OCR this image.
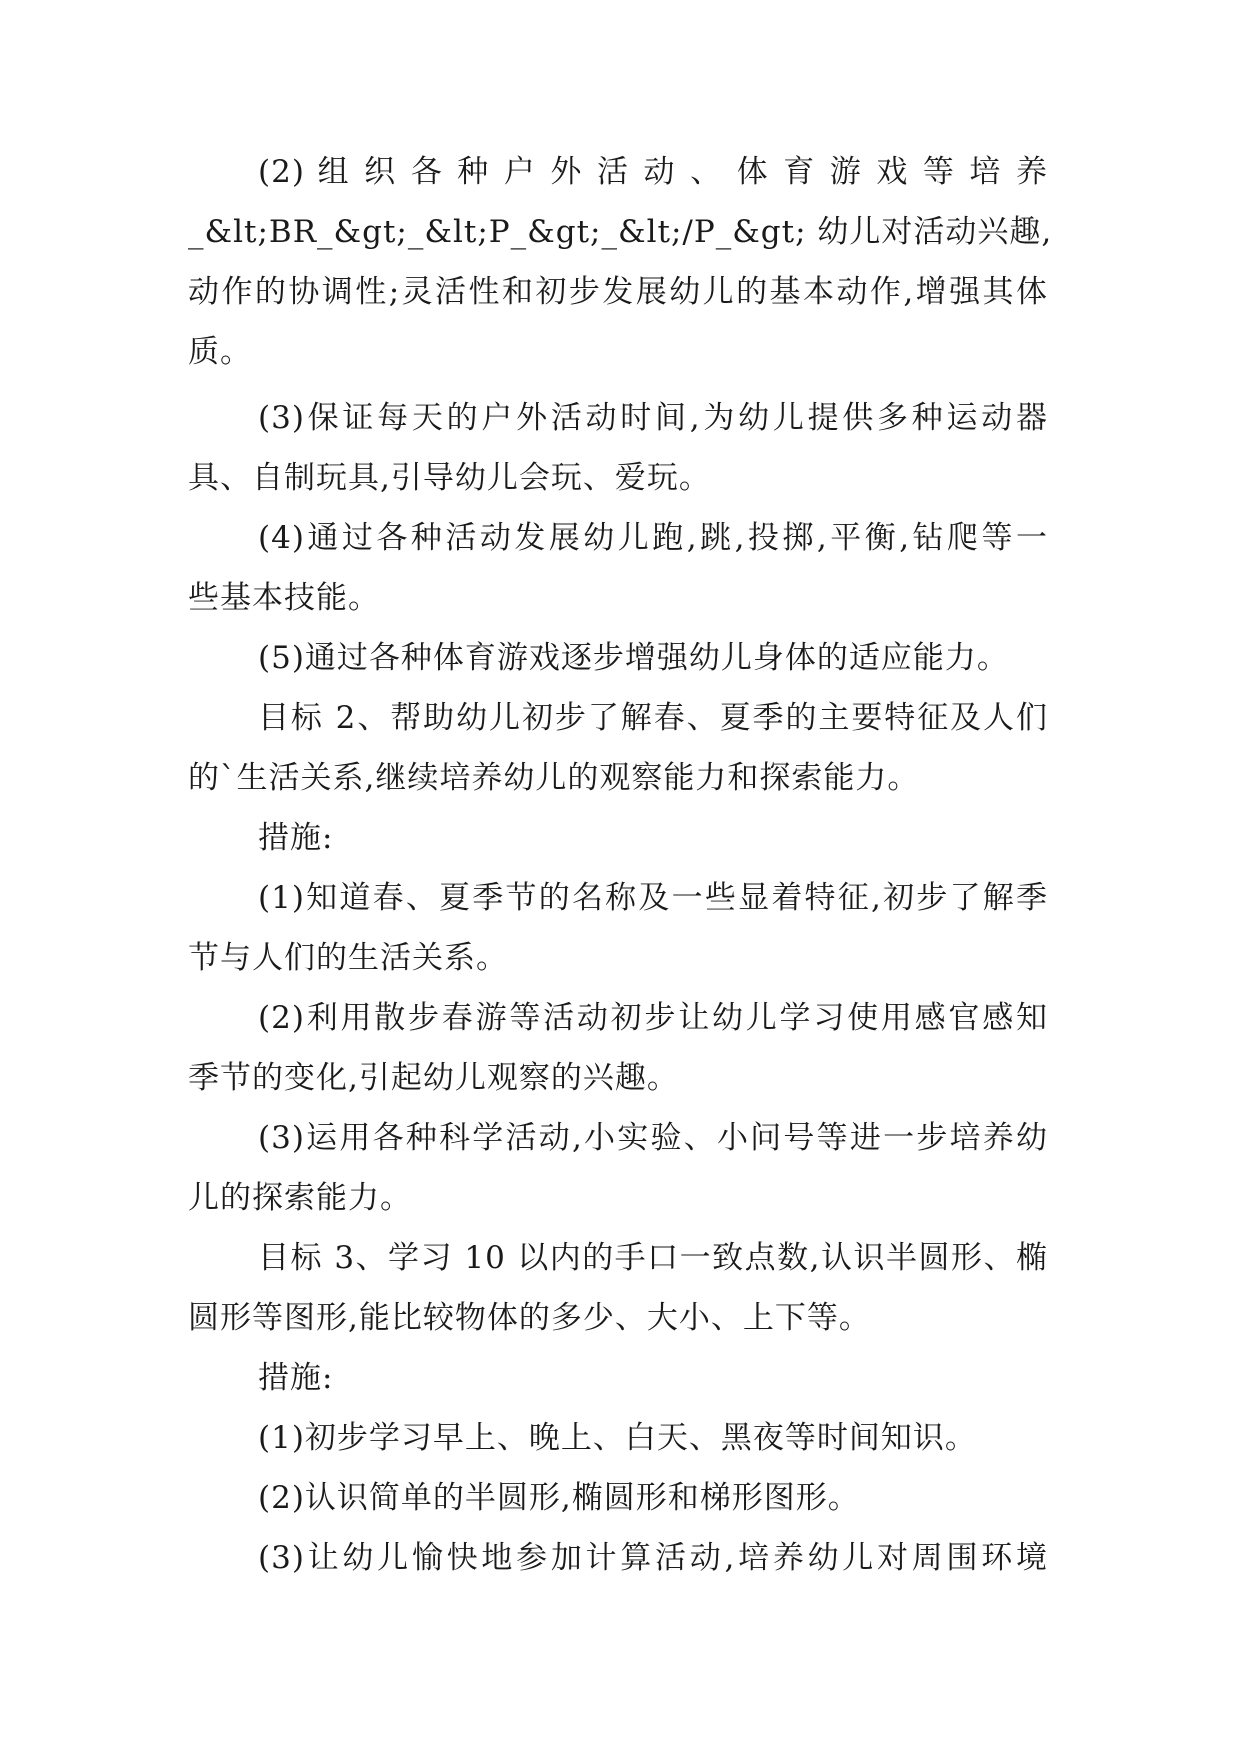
(2) 组 织 各 种 户 外 活 动 、 体 育 游 戏 等 培 养
_&lt;BR_&gt;_&lt;P_&gt;_&lt;/P_&gt; 幼儿对活动兴趣,
动作的协调性;灵活性和初步发展幼儿的基本动作,增强其体
质。
(3)保证每天的户外活动时间,为幼儿提供多种运动器
具、自制玩具,引导幼儿会玩、爱玩。
(4)通过各种活动发展幼儿跑,跳,投掷,平衡,钻爬等一
些基本技能。
(5)通过各种体育游戏逐步增强幼儿身体的适应能力。
目标 2、帮助幼儿初步了解春、夏季的主要特征及人们
的`生活关系,继续培养幼儿的观察能力和探索能力。
措施:
(1)知道春、夏季节的名称及一些显着特征,初步了解季
节与人们的生活关系。
(2)利用散步春游等活动初步让幼儿学习使用感官感知
季节的变化,引起幼儿观察的兴趣。
(3)运用各种科学活动,小实验、小问号等进一步培养幼
儿的探索能力。
目标 3、学习 10 以内的手口一致点数,认识半圆形、椭
圆形等图形,能比较物体的多少、大小、上下等。
措施:
(1)初步学习早上、晚上、白天、黑夜等时间知识。
(2)认识简单的半圆形,椭圆形和梯形图形。
(3)让幼儿愉快地参加计算活动,培养幼儿对周围环境
